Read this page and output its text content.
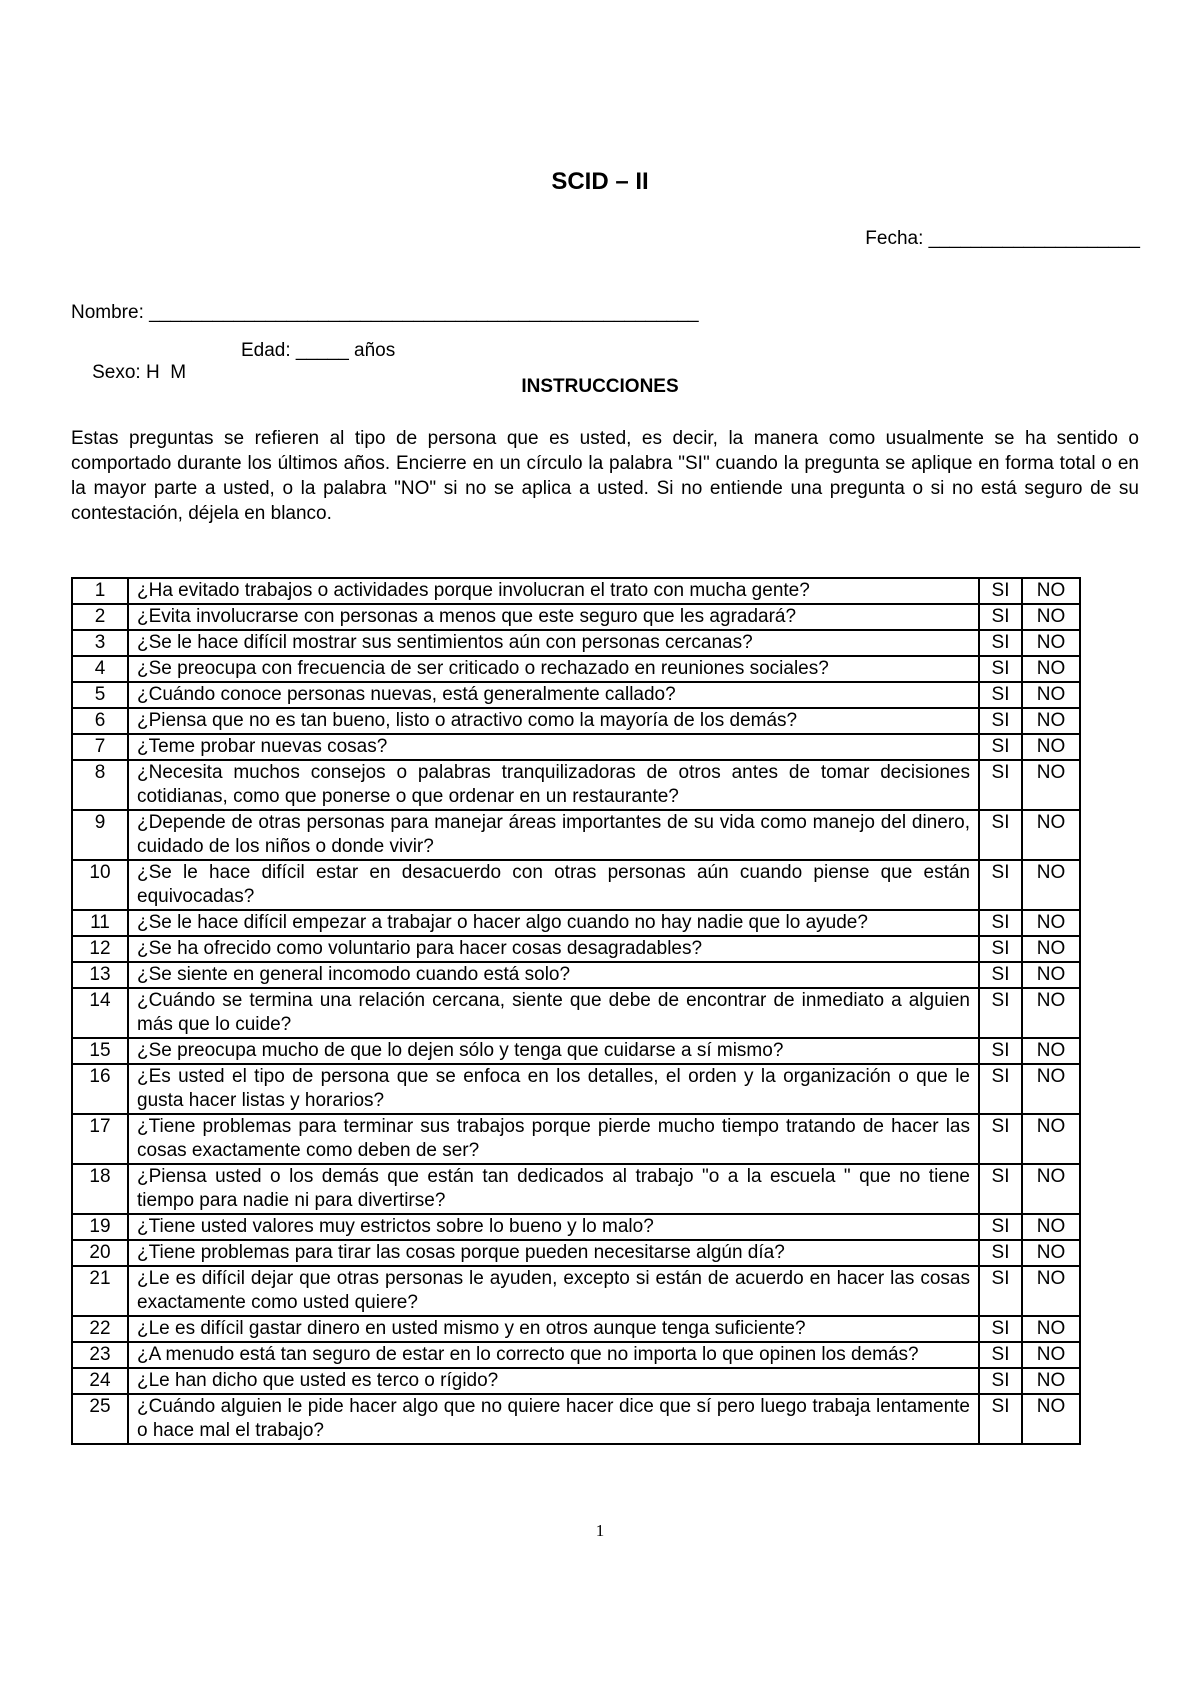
SCID – II
Fecha: ____________________
Nombre: ____________________________________________________

Sexo: H  M

Edad: _____ años

INSTRUCCIONES
Estas preguntas se refieren al tipo de persona que es usted, es decir, la manera como usualmente se ha sentido o comportado durante los últimos años. Encierre en un círculo la palabra "SI" cuando la pregunta se aplique en forma total o en la mayor parte a usted, o la palabra "NO" si no se aplica a usted. Si no entiende una pregunta o si no está seguro de su contestación, déjela en blanco.
1	¿Ha evitado trabajos o actividades porque involucran el trato con mucha gente?	SI	NO
2	¿Evita involucrarse con personas a menos que este seguro que les agradará?	SI	NO
3	¿Se le hace difícil mostrar sus sentimientos aún con personas cercanas?	SI	NO
4	¿Se preocupa con frecuencia de ser criticado o rechazado en reuniones sociales?	SI	NO
5	¿Cuándo conoce personas nuevas, está generalmente callado?	SI	NO
6	¿Piensa que no es tan bueno, listo o atractivo como la mayoría de los demás?	SI	NO
7	¿Teme probar nuevas cosas?	SI	NO
8	¿Necesita muchos consejos o palabras tranquilizadoras de otros antes de tomar decisiones cotidianas, como que ponerse o que ordenar en un restaurante?	SI	NO
9	¿Depende de otras personas para manejar áreas importantes de su vida como manejo del dinero, cuidado de los niños o donde vivir?	SI	NO
10	¿Se le hace difícil estar en desacuerdo con otras personas aún cuando piense que están equivocadas?	SI	NO
11	¿Se le hace difícil empezar a trabajar o hacer algo cuando no hay nadie que lo ayude?	SI	NO
12	¿Se ha ofrecido como voluntario para hacer cosas desagradables?	SI	NO
13	¿Se siente en general incomodo cuando está solo?	SI	NO
14	¿Cuándo se termina una relación cercana, siente que debe de encontrar de inmediato a alguien más que lo cuide?	SI	NO
15	¿Se preocupa mucho de que lo dejen sólo y tenga que cuidarse a sí mismo?	SI	NO
16	¿Es usted el tipo de persona que se enfoca en los detalles, el orden y la organización o que le gusta hacer listas y horarios?	SI	NO
17	¿Tiene problemas para terminar sus trabajos porque pierde mucho tiempo tratando de hacer las cosas exactamente como deben de ser?	SI	NO
18	¿Piensa usted o los demás que están tan dedicados al trabajo "o a la escuela " que no tiene tiempo para nadie ni para divertirse?	SI	NO
19	¿Tiene usted valores muy estrictos sobre lo bueno y lo malo?	SI	NO
20	¿Tiene problemas para tirar las cosas porque pueden necesitarse algún día?	SI	NO
21	¿Le es difícil dejar que otras personas le ayuden, excepto si están de acuerdo en hacer las cosas exactamente como usted quiere?	SI	NO
22	¿Le es difícil gastar dinero en usted mismo y en otros aunque tenga suficiente?	SI	NO
23	¿A menudo está tan seguro de estar en lo correcto que no importa lo que opinen los demás?	SI	NO
24	¿Le han dicho que usted es terco o rígido?	SI	NO
25	¿Cuándo alguien le pide hacer algo que no quiere hacer dice que sí pero luego trabaja lentamente o hace mal el trabajo?	SI	NO
1
